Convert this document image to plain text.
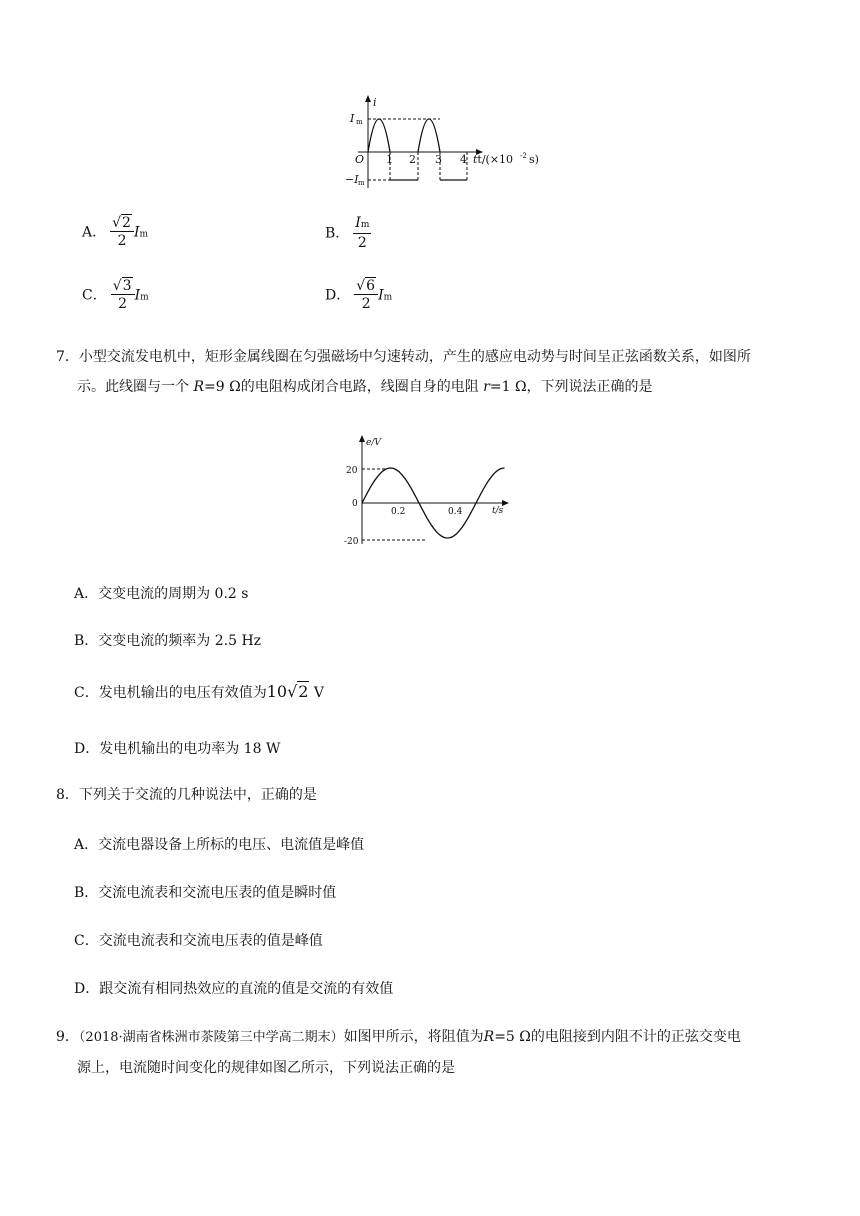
i
I m
O
−I m
1 2 3 4 tt/(×10 -2 s)
A． $\frac{√2}{2}$ Im	B． $\frac{Im}{2}$
C． $\frac{√3}{2}$ Im	D． $\frac{√6}{2}$ Im
7．小型交流发电机中，矩形金属线圈在匀强磁场中匀速转动，产生的感应电动势与时间呈正弦函数关系，如图所
示。此线圈与一个 R=9 Ω的电阻构成闭合电路，线圈自身的电阻 r=1 Ω，下列说法正确的是
e/V
20
0
-20
0.2	0.4	t/s
A．交变电流的周期为 0.2 s
B．交变电流的频率为 2.5 Hz
C．发电机输出的电压有效值为10√2 V
D．发电机输出的电功率为 18 W
8．下列关于交流的几种说法中，正确的是
A．交流电器设备上所标的电压、电流值是峰值
B．交流电流表和交流电压表的值是瞬时值
C．交流电流表和交流电压表的值是峰值
D．跟交流有相同热效应的直流的值是交流的有效值
9．（2018·湖南省株洲市茶陵第三中学高二期末）如图甲所示，将阻值为R=5 Ω的电阻接到内阻不计的正弦交变电
源上，电流随时间变化的规律如图乙所示，下列说法正确的是
